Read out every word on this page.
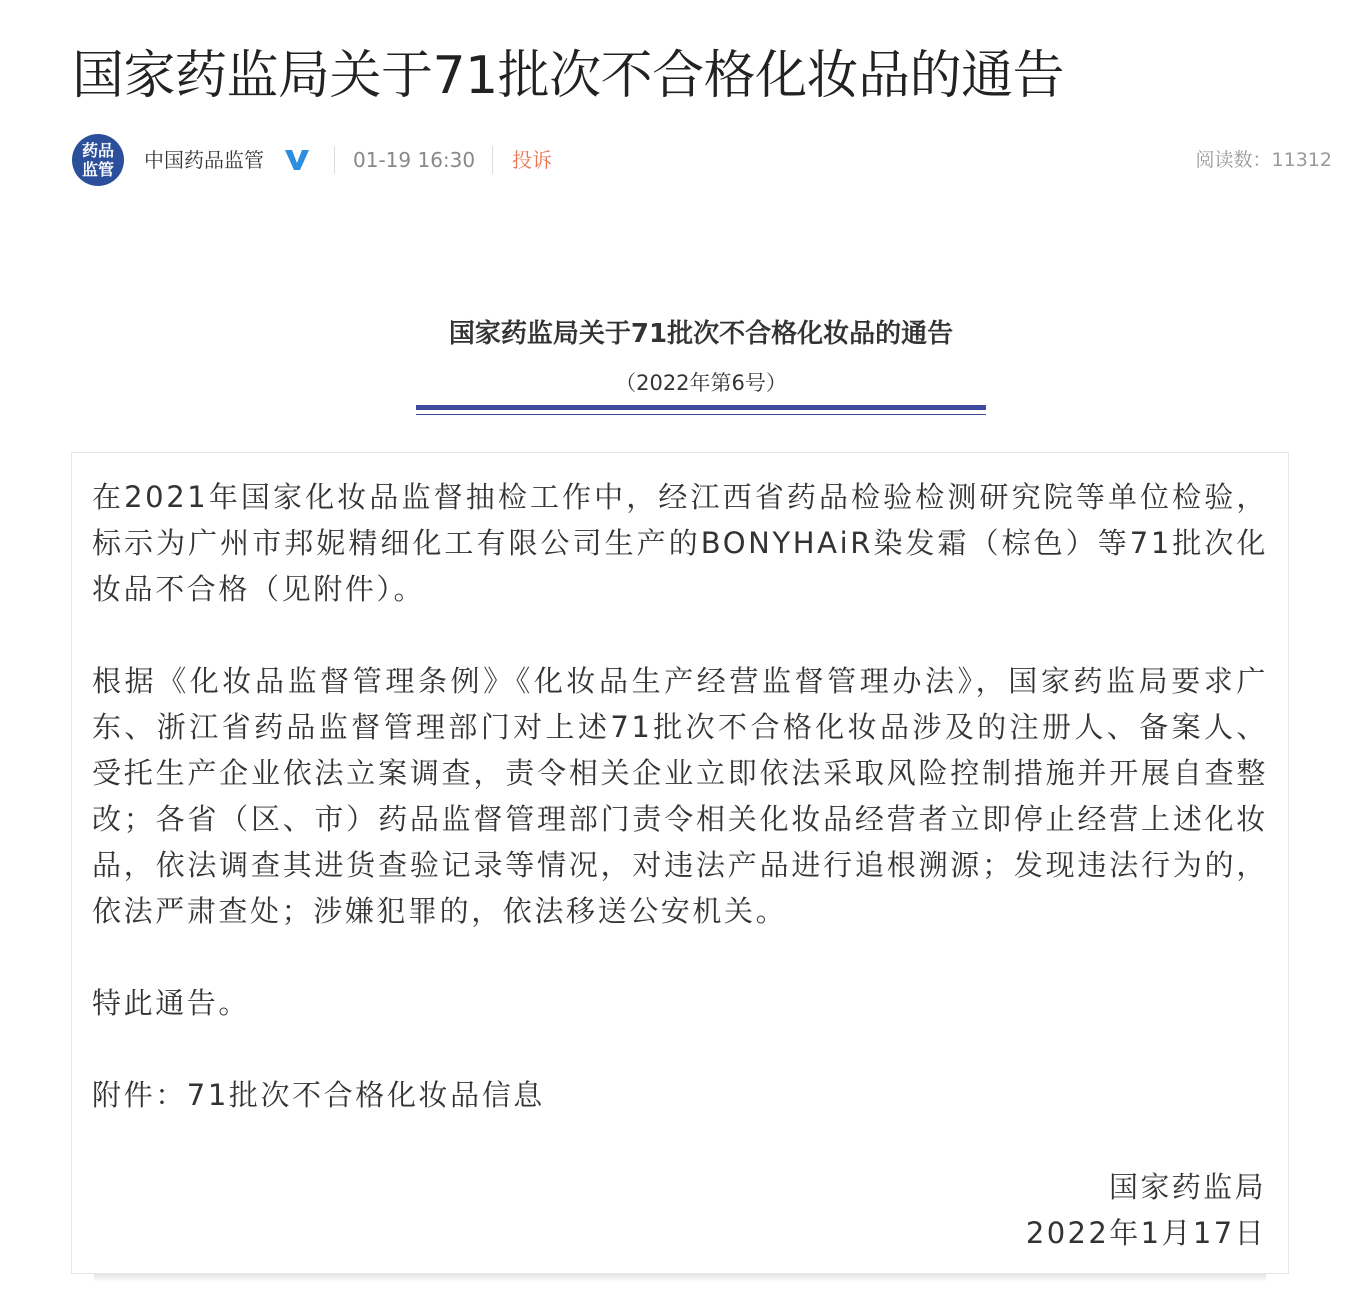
国家药监局关于71批次不合格化妆品的通告
药品监管 中国药品监管	01-19 16:30 投诉	阅读数：11312
国家药监局关于71批次不合格化妆品的通告
（2022年第6号）

在2021年国家化妆品监督抽检工作中，经江西省药品检验检测研究院等单位检验，标示为广州市邦妮精细化工有限公司生产的BONYHAiR染发霜（棕色）等71批次化妆品不合格（见附件）。

根据《化妆品监督管理条例》《化妆品生产经营监督管理办法》，国家药监局要求广东、浙江省药品监督管理部门对上述71批次不合格化妆品涉及的注册人、备案人、受托生产企业依法立案调查，责令相关企业立即依法采取风险控制措施并开展自查整改；各省（区、市）药品监督管理部门责令相关化妆品经营者立即停止经营上述化妆品，依法调查其进货查验记录等情况，对违法产品进行追根溯源；发现违法行为的，依法严肃查处；涉嫌犯罪的，依法移送公安机关。

特此通告。

附件：71批次不合格化妆品信息

国家药监局
2022年1月17日
